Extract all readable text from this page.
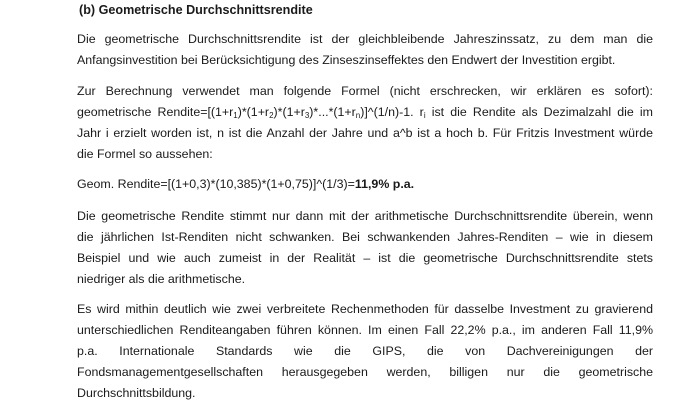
(b) Geometrische Durchschnittsrendite
Die geometrische Durchschnittsrendite ist der gleichbleibende Jahreszinssatz, zu dem man die
Anfangsinvestition bei Berücksichtigung des Zinseszinseffektes den Endwert der Investition ergibt.
Zur Berechnung verwendet man folgende Formel (nicht erschrecken, wir erklären es sofort):
geometrische $Rendite=[(1+r_1)*(1+r_2)*(1+r_3)*...*(1+r_n)]\^{}(1/n)-1$. $r_i$ ist die Rendite als Dezimalzahl die im
Jahr i erzielt worden ist, n ist die Anzahl der Jahre und a^b ist a hoch b. Für Fritzis Investment würde
die Formel so aussehen:
Geom. Rendite=[(1+0,3)*(10,385)*(1+0,75)]^(1/3)=11,9% p.a.
Die geometrische Rendite stimmt nur dann mit der arithmetische Durchschnittsrendite überein, wenn
die jährlichen Ist-Renditen nicht schwanken. Bei schwankenden Jahres-Renditen – wie in diesem
Beispiel und wie auch zumeist in der Realität – ist die geometrische Durchschnittsrendite stets
niedriger als die arithmetische.
Es wird mithin deutlich wie zwei verbreitete Rechenmethoden für dasselbe Investment zu gravierend
unterschiedlichen Renditeangaben führen können. Im einen Fall 22,2% p.a., im anderen Fall 11,9%
p.a. Internationale Standards wie die GIPS, die von Dachvereinigungen der
Fondsmanagementgesellschaften herausgegeben werden, billigen nur die geometrische
Durchschnittsbildung.
